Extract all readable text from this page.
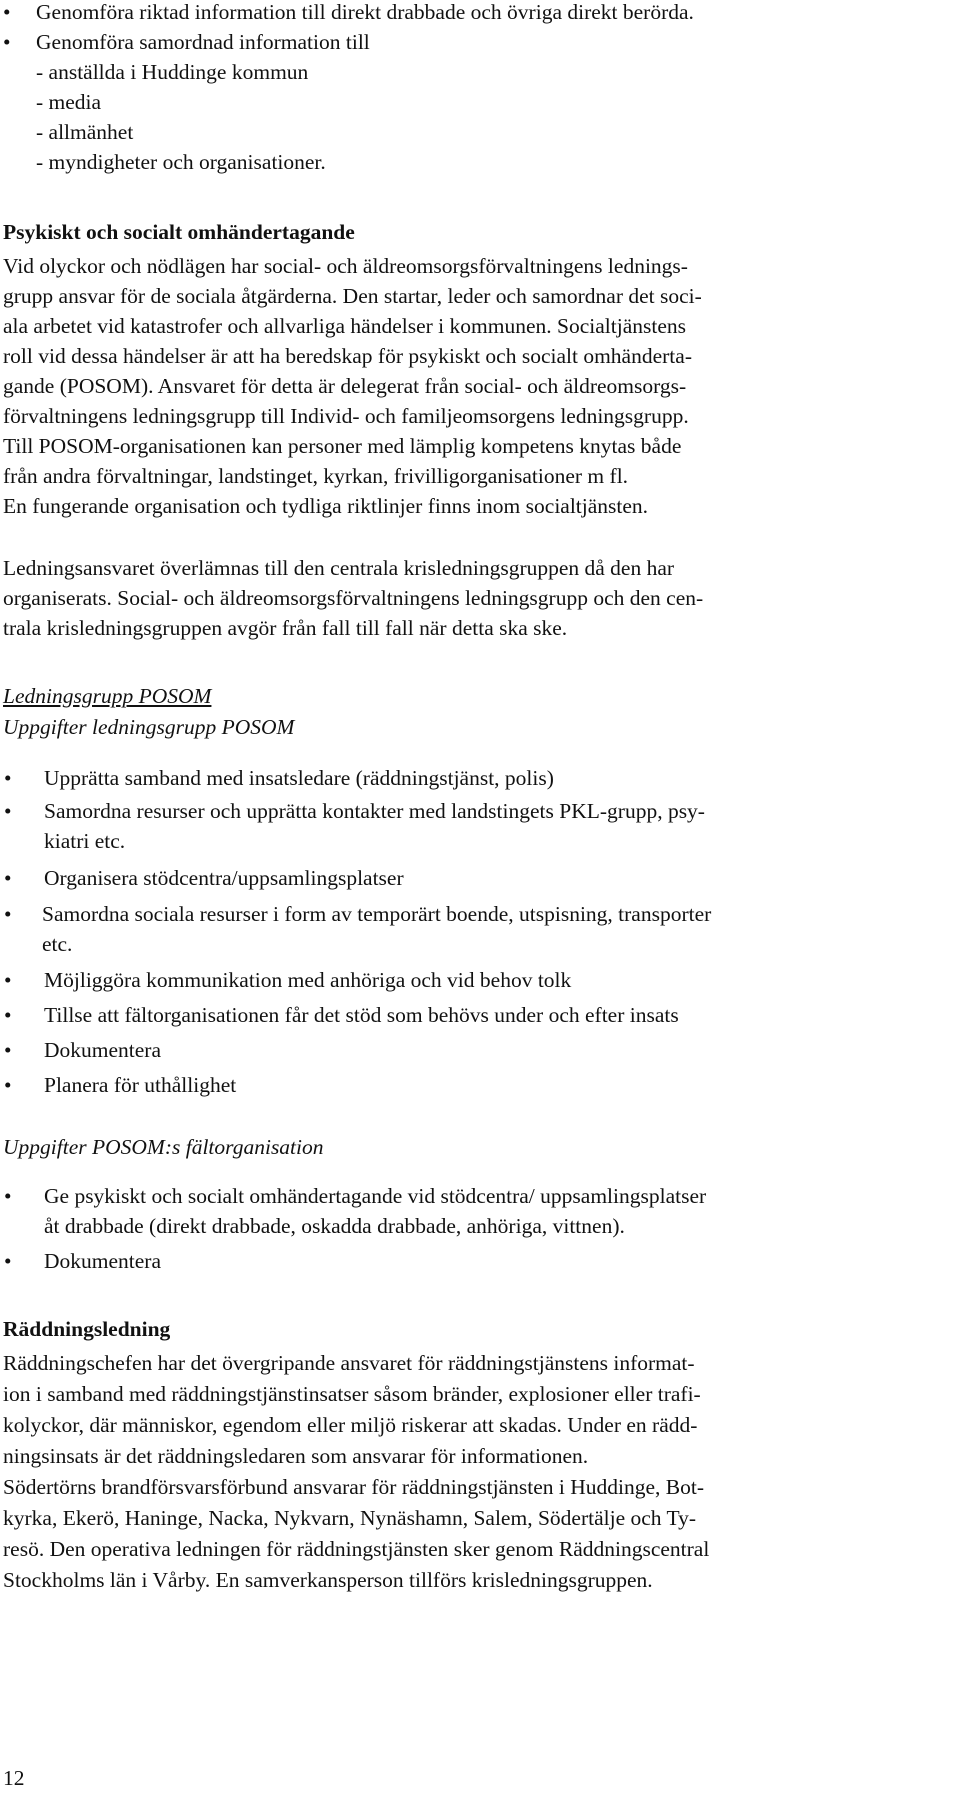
•	Genomföra riktad information till direkt drabbade och övriga direkt berörda.
•	Genomföra samordnad information till
- anställda i Huddinge kommun
- media
- allmänhet
- myndigheter och organisationer.
Psykiskt och socialt omhändertagande
Vid olyckor och nödlägen har social- och äldreomsorgsförvaltningens lednings-
grupp ansvar för de sociala åtgärderna. Den startar, leder och samordnar det soci-
ala arbetet vid katastrofer och allvarliga händelser i kommunen. Socialtjänstens
roll vid dessa händelser är att ha beredskap för psykiskt och socialt omhänderta-
gande (POSOM). Ansvaret för detta är delegerat från social- och äldreomsorgs-
förvaltningens ledningsgrupp till Individ- och familjeomsorgens ledningsgrupp.
Till POSOM-organisationen kan personer med lämplig kompetens knytas både
från andra förvaltningar, landstinget, kyrkan, frivilligorganisationer m fl.
En fungerande organisation och tydliga riktlinjer finns inom socialtjänsten.
Ledningsansvaret överlämnas till den centrala krisledningsgruppen då den har
organiserats. Social- och äldreomsorgsförvaltningens ledningsgrupp och den cen-
trala krisledningsgruppen avgör från fall till fall när detta ska ske.
Ledningsgrupp POSOM
Uppgifter ledningsgrupp POSOM
•	Upprätta samband med insatsledare (räddningstjänst, polis)
•	Samordna resurser och upprätta kontakter med landstingets PKL-grupp, psy-
kiatri etc.
•	Organisera stödcentra/uppsamlingsplatser
•	Samordna sociala resurser i form av temporärt boende, utspisning, transporter
etc.
•	Möjliggöra kommunikation med anhöriga och vid behov tolk
•	Tillse att fältorganisationen får det stöd som behövs under och efter insats
•	Dokumentera
•	Planera för uthållighet
Uppgifter POSOM:s fältorganisation
•	Ge psykiskt och socialt omhändertagande vid stödcentra/ uppsamlingsplatser
åt drabbade (direkt drabbade, oskadda drabbade, anhöriga, vittnen).
•	Dokumentera
Räddningsledning
Räddningschefen har det övergripande ansvaret för räddningstjänstens informat-
ion i samband med räddningstjänstinsatser såsom bränder, explosioner eller trafi-
kolyckor, där människor, egendom eller miljö riskerar att skadas. Under en rädd-
ningsinsats är det räddningsledaren som ansvarar för informationen.
Södertörns brandförsvarsförbund ansvarar för räddningstjänsten i Huddinge, Bot-
kyrka, Ekerö, Haninge, Nacka, Nykvarn, Nynäshamn, Salem, Södertälje och Ty-
resö. Den operativa ledningen för räddningstjänsten sker genom Räddningscentral
Stockholms län i Vårby. En samverkansperson tillförs krisledningsgruppen.
12
